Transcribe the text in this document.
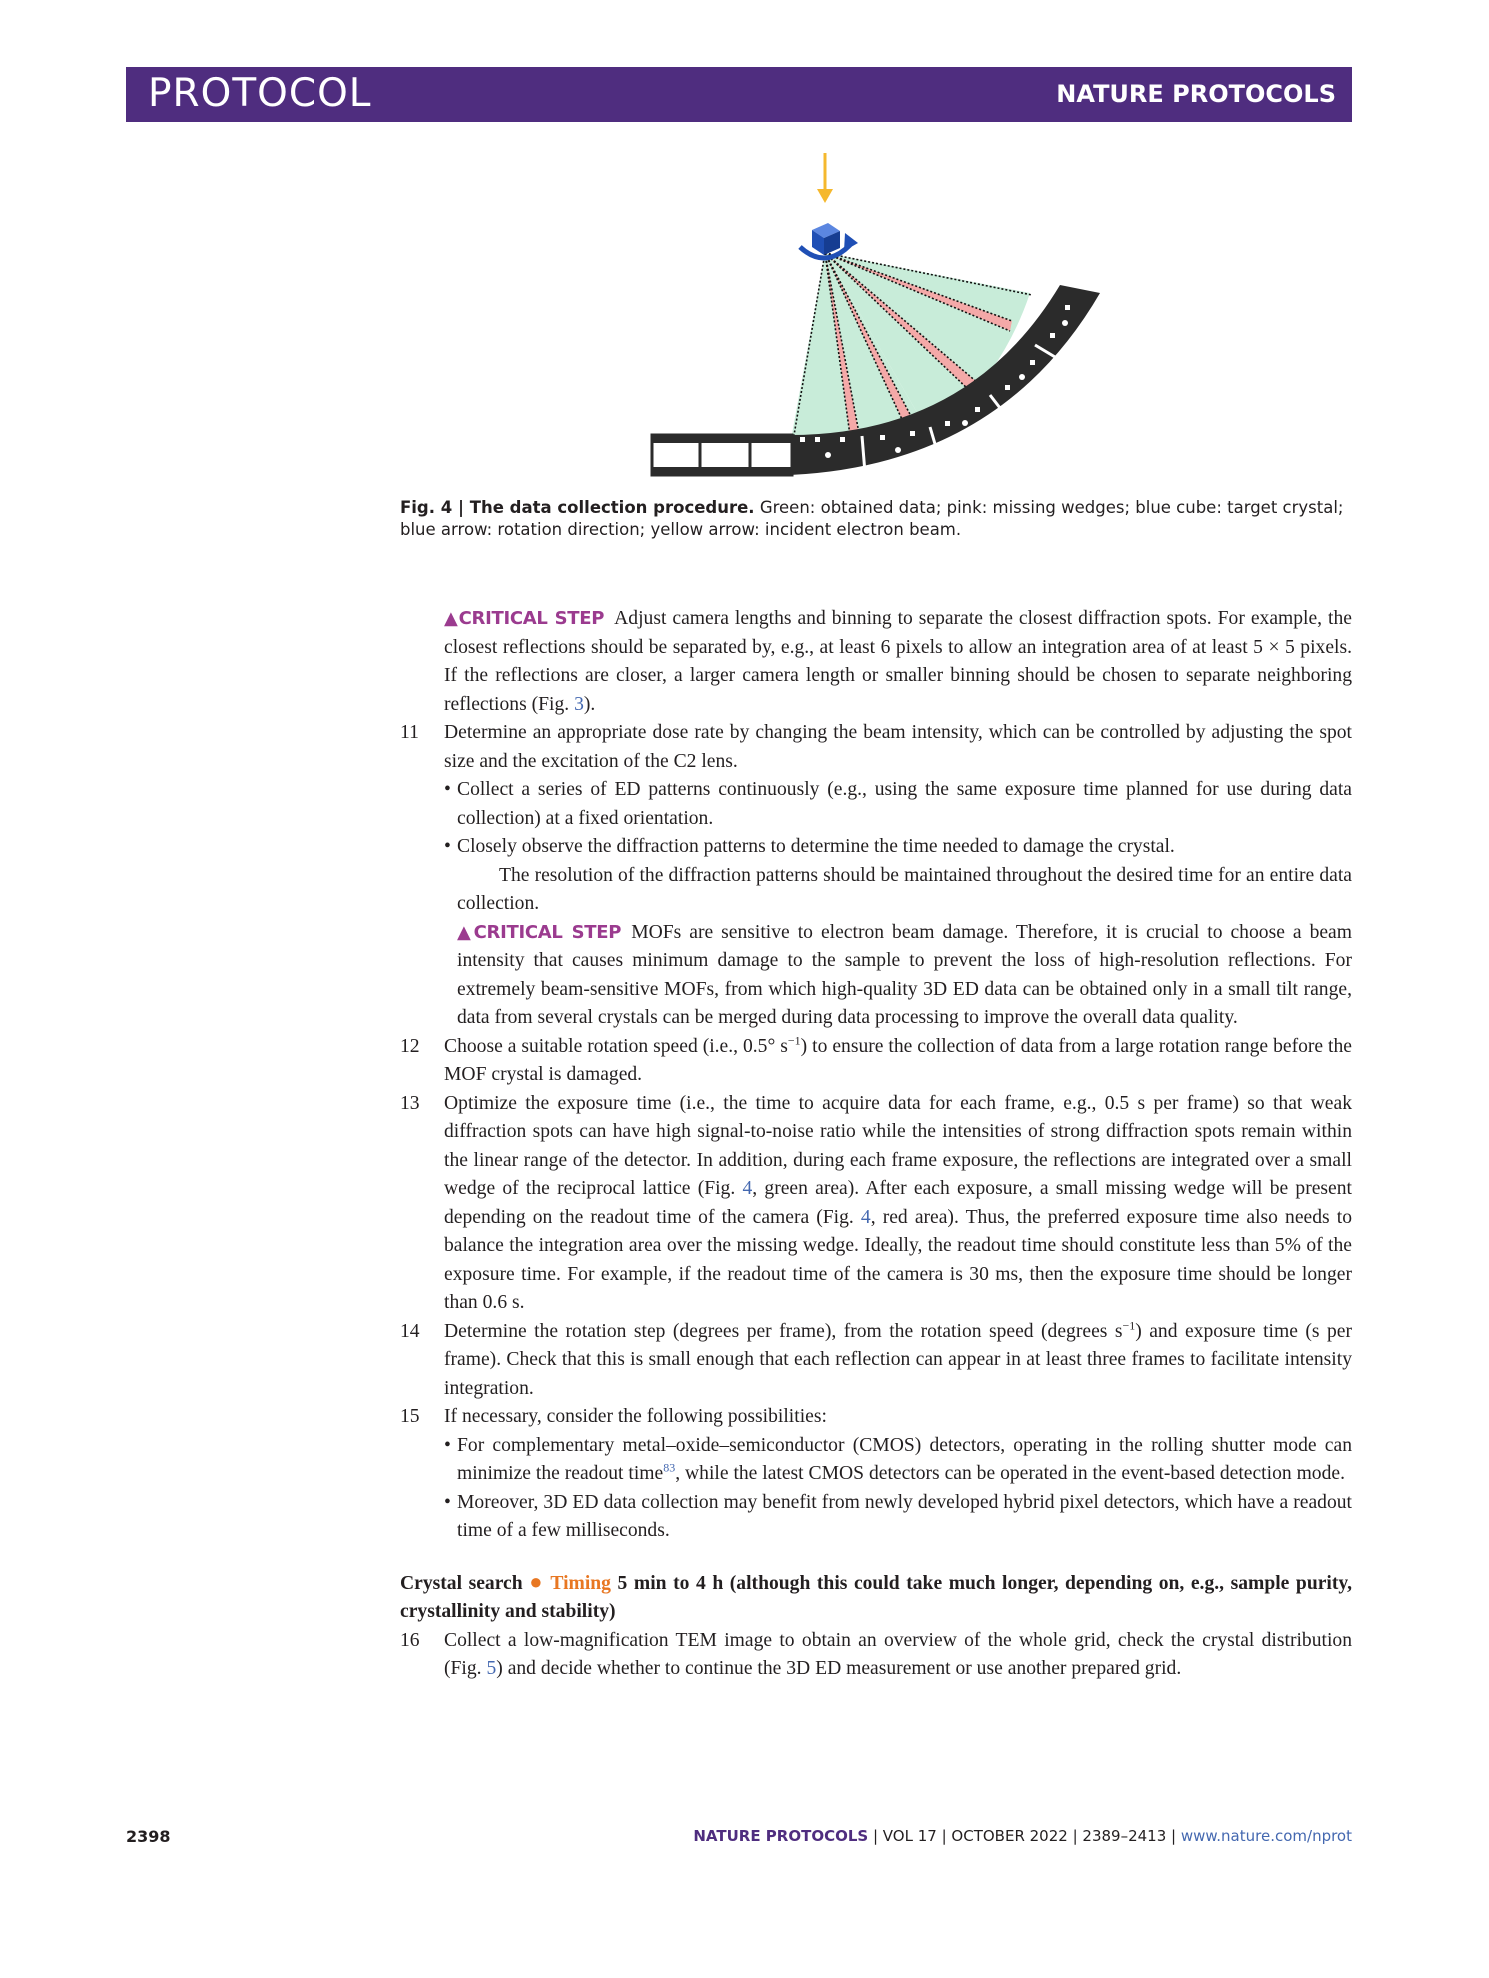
PROTOCOL	NATURE PROTOCOLS
Fig. 4 | The data collection procedure. Green: obtained data; pink: missing wedges; blue cube: target crystal; blue arrow: rotation direction; yellow arrow: incident electron beam.
▲CRITICAL STEP Adjust camera lengths and binning to separate the closest diffraction spots. For example, the closest reflections should be separated by, e.g., at least 6 pixels to allow an integration area of at least 5 × 5 pixels. If the reflections are closer, a larger camera length or smaller binning should be chosen to separate neighboring reflections (Fig. 3).
11	Determine an appropriate dose rate by changing the beam intensity, which can be controlled by adjusting the spot size and the excitation of the C2 lens.
• Collect a series of ED patterns continuously (e.g., using the same exposure time planned for use during data collection) at a fixed orientation.
• Closely observe the diffraction patterns to determine the time needed to damage the crystal.
The resolution of the diffraction patterns should be maintained throughout the desired time for an entire data collection.
▲CRITICAL STEP MOFs are sensitive to electron beam damage. Therefore, it is crucial to choose a beam intensity that causes minimum damage to the sample to prevent the loss of high-resolution reflections. For extremely beam-sensitive MOFs, from which high-quality 3D ED data can be obtained only in a small tilt range, data from several crystals can be merged during data processing to improve the overall data quality.
12	Choose a suitable rotation speed (i.e., 0.5° $s^{-1}$) to ensure the collection of data from a large rotation range before the MOF crystal is damaged.
13	Optimize the exposure time (i.e., the time to acquire data for each frame, e.g., 0.5 s per frame) so that weak diffraction spots can have high signal-to-noise ratio while the intensities of strong diffraction spots remain within the linear range of the detector. In addition, during each frame exposure, the reflections are integrated over a small wedge of the reciprocal lattice (Fig. 4, green area). After each exposure, a small missing wedge will be present depending on the readout time of the camera (Fig. 4, red area). Thus, the preferred exposure time also needs to balance the integration area over the missing wedge. Ideally, the readout time should constitute less than 5% of the exposure time. For example, if the readout time of the camera is 30 ms, then the exposure time should be longer than 0.6 s.
14	Determine the rotation step (degrees per frame), from the rotation speed (degrees $s^{-1}$) and exposure time (s per frame). Check that this is small enough that each reflection can appear in at least three frames to facilitate intensity integration.
15	If necessary, consider the following possibilities:
• For complementary metal–oxide–semiconductor (CMOS) detectors, operating in the rolling shutter mode can minimize the readout time$^{83}$, while the latest CMOS detectors can be operated in the event-based detection mode.
• Moreover, 3D ED data collection may benefit from newly developed hybrid pixel detectors, which have a readout time of a few milliseconds.
Crystal search ● Timing 5 min to 4 h (although this could take much longer, depending on, e.g., sample purity, crystallinity and stability)
16	Collect a low-magnification TEM image to obtain an overview of the whole grid, check the crystal distribution (Fig. 5) and decide whether to continue the 3D ED measurement or use another prepared grid.
2398	NATURE PROTOCOLS | VOL 17 | OCTOBER 2022 | 2389–2413 | www.nature.com/nprot
